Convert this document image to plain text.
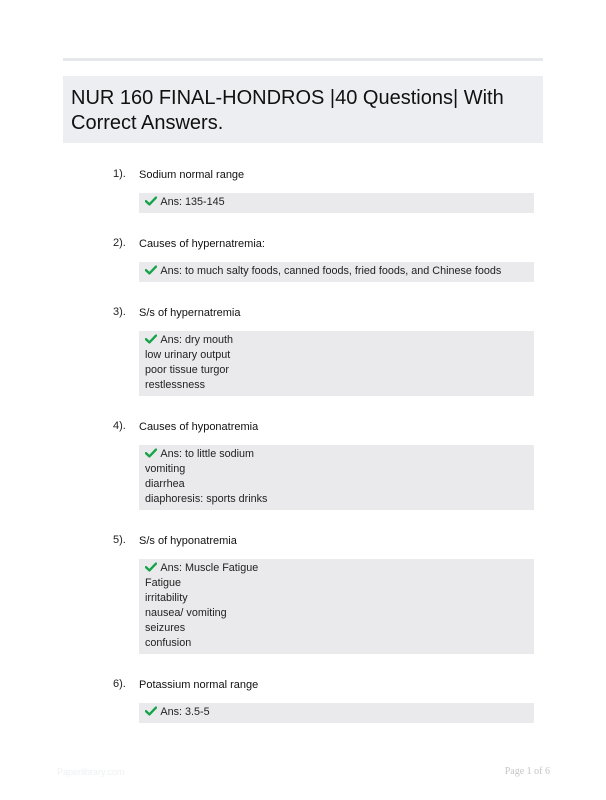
NUR 160 FINAL-HONDROS |40 Questions| With Correct Answers.
1). Sodium normal range
Ans: 135-145
2). Causes of hypernatremia:
Ans: to much salty foods, canned foods, fried foods, and Chinese foods
3). S/s of hypernatremia
Ans: dry mouth
low urinary output
poor tissue turgor
restlessness
4). Causes of hyponatremia
Ans: to little sodium
vomiting
diarrhea
diaphoresis: sports drinks
5). S/s of hyponatremia
Ans: Muscle Fatigue
Fatigue
irritability
nausea/ vomiting
seizures
confusion
6). Potassium normal range
Ans: 3.5-5
Paperlibrary.com	Page 1 of 6
